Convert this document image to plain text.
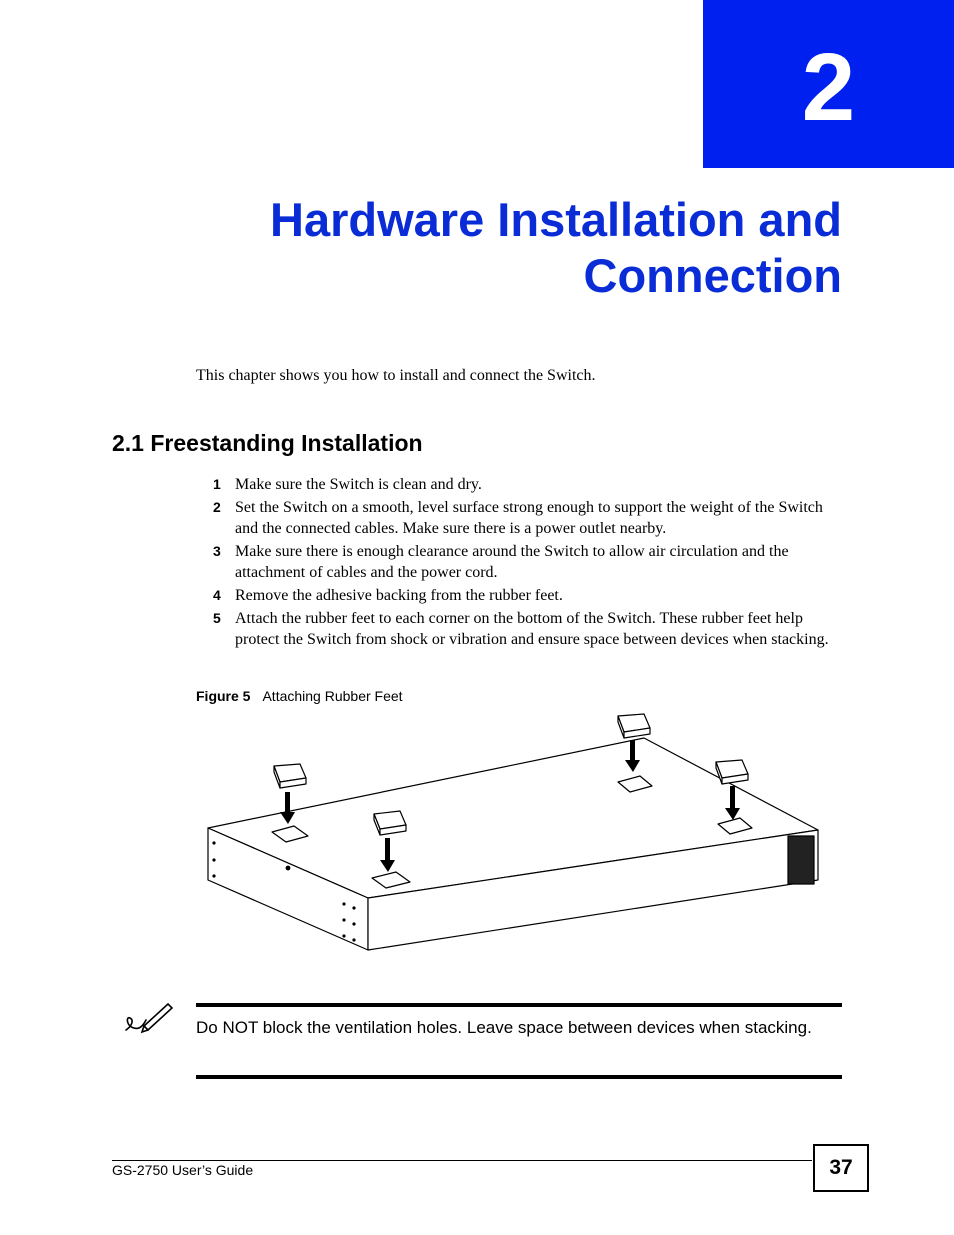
2
Hardware Installation and
Connection
This chapter shows you how to install and connect the Switch.
2.1 Freestanding Installation
1 Make sure the Switch is clean and dry.
2 Set the Switch on a smooth, level surface strong enough to support the weight of the Switch and the connected cables. Make sure there is a power outlet nearby.
3 Make sure there is enough clearance around the Switch to allow air circulation and the attachment of cables and the power cord.
4 Remove the adhesive backing from the rubber feet.
5 Attach the rubber feet to each corner on the bottom of the Switch. These rubber feet help protect the Switch from shock or vibration and ensure space between devices when stacking.
Figure 5 Attaching Rubber Feet
Do NOT block the ventilation holes. Leave space between devices when stacking.
GS-2750 User’s Guide	37
